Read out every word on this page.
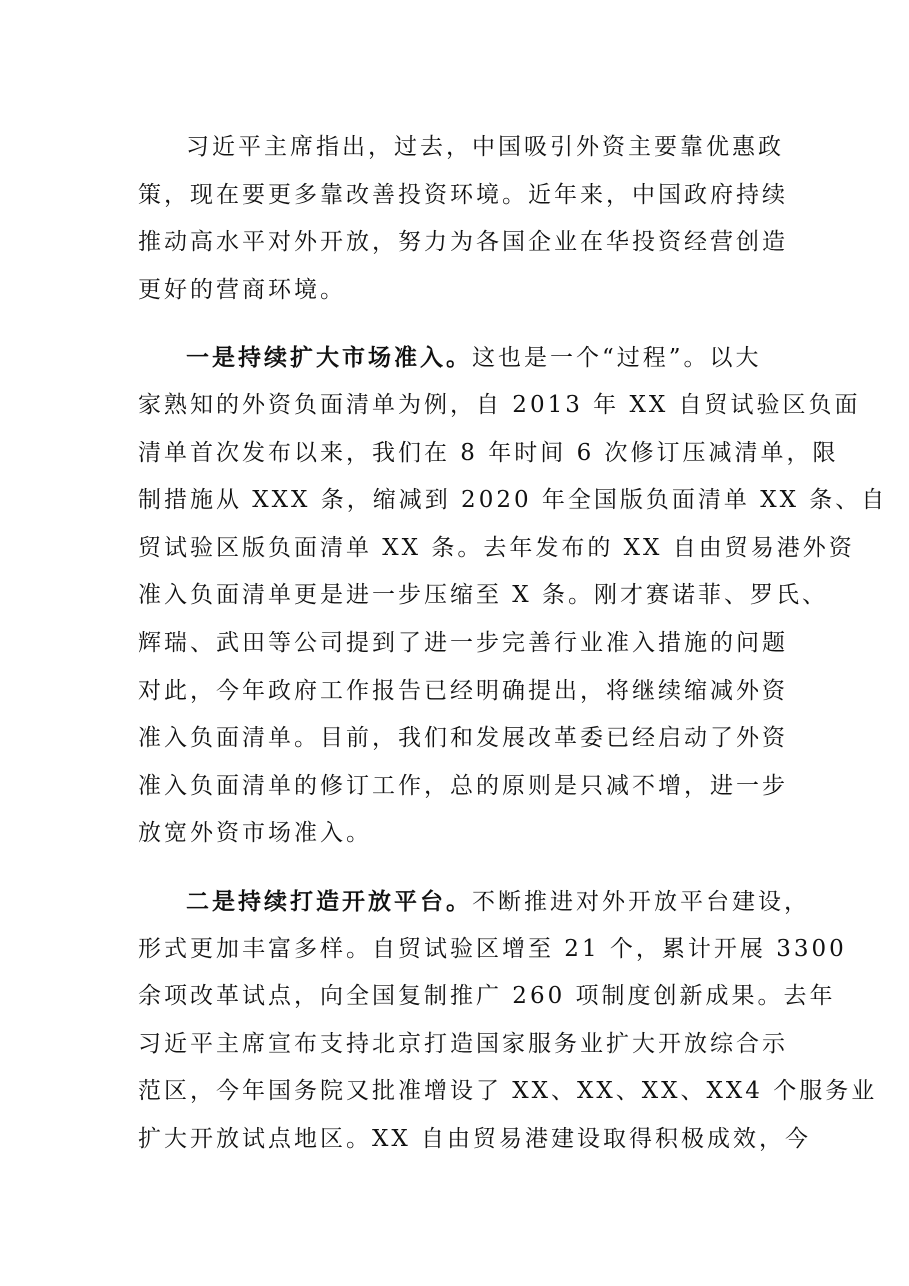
习近平主席指出，过去，中国吸引外资主要靠优惠政
策，现在要更多靠改善投资环境。近年来，中国政府持续
推动高水平对外开放，努力为各国企业在华投资经营创造
更好的营商环境。
一是持续扩大市场准入。这也是一个“过程”。以大
家熟知的外资负面清单为例，自 2013 年 XX 自贸试验区负面
清单首次发布以来，我们在 8 年时间 6 次修订压减清单，限
制措施从 XXX 条，缩减到 2020 年全国版负面清单 XX 条、自
贸试验区版负面清单 XX 条。去年发布的 XX 自由贸易港外资
准入负面清单更是进一步压缩至 X 条。刚才赛诺菲、罗氏、
辉瑞、武田等公司提到了进一步完善行业准入措施的问题
对此，今年政府工作报告已经明确提出，将继续缩减外资
准入负面清单。目前，我们和发展改革委已经启动了外资
准入负面清单的修订工作，总的原则是只减不增，进一步
放宽外资市场准入。
二是持续打造开放平台。不断推进对外开放平台建设，
形式更加丰富多样。自贸试验区增至 21 个，累计开展 3300
余项改革试点，向全国复制推广 260 项制度创新成果。去年
习近平主席宣布支持北京打造国家服务业扩大开放综合示
范区，今年国务院又批准增设了 XX、XX、XX、XX4 个服务业
扩大开放试点地区。XX 自由贸易港建设取得积极成效，今
